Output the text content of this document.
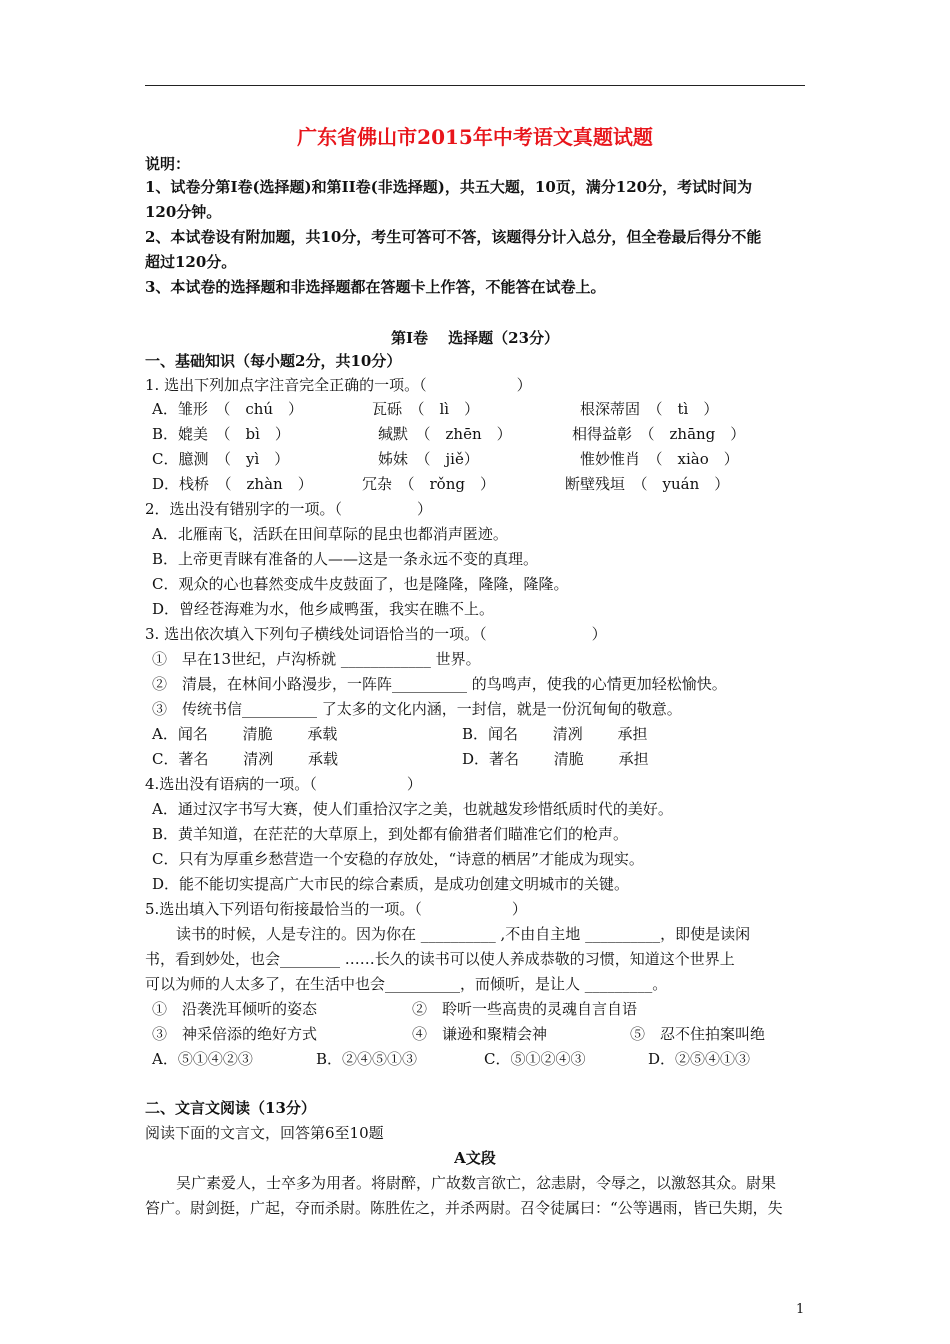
广东省佛山市2015年中考语文真题试题
说明：
1、试卷分第Ⅰ卷(选择题)和第II卷(非选择题)，共五大题，10页，满分120分，考试时间为
120分钟。
2、本试卷设有附加题，共10分，考生可答可不答，该题得分计入总分，但全卷最后得分不能
超过120分。
3、本试卷的选择题和非选择题都在答题卡上作答，不能答在试卷上。
第Ⅰ卷　 选择题（23分）
一、基础知识（每小题2分，共10分）
1. 选出下列加点字注音完全正确的一项。（　　　　　　）
A．雏形　（　chú　）	瓦砾　（　lì　）	根深蒂固　（　tì　）
B．媲美　（　bì　）	缄默　（　zhēn　）	相得益彰　（　zhāng　）
C．臆测　（　yì　）	姊妹　（　jiě）	惟妙惟肖　（　xiào　）
D．栈桥　（　zhàn　）	冗杂　（　rǒng　）	断壁残垣　（　yuán　）
2．选出没有错别字的一项。（　　　　　）
A．北雁南飞，活跃在田间草际的昆虫也都消声匿迹。
B．上帝更青睐有准备的人——这是一条永远不变的真理。
C．观众的心也暮然变成牛皮鼓面了，也是隆隆，隆隆，隆隆。
D．曾经苍海难为水，他乡咸鸭蛋，我实在瞧不上。
3. 选出依次填入下列句子横线处词语恰当的一项。（　　　　　　　）
①　早在13世纪，卢沟桥就 ____________ 世界。
②　清晨，在林间小路漫步，一阵阵__________ 的鸟鸣声，使我的心情更加轻松愉快。
③　传统书信__________ 了太多的文化内涵，一封信，就是一份沉甸甸的敬意。
A．闻名　　 清脆　　 承载	B．闻名　　 清冽　　 承担
C．著名　　 清冽　　 承载	D．著名　　 清脆　　 承担
4.选出没有语病的一项。（　　　　　　）
A．通过汉字书写大赛，使人们重拾汉字之美，也就越发珍惜纸质时代的美好。
B．黄羊知道，在茫茫的大草原上，到处都有偷猎者们瞄准它们的枪声。
C．只有为厚重乡愁营造一个安稳的存放处，“诗意的栖居”才能成为现实。
D．能不能切实提高广大市民的综合素质，是成功创建文明城市的关键。
5.选出填入下列语句衔接最恰当的一项。（　　　　　　）
读书的时候，人是专注的。因为你在 __________ ,不由自主地 __________，即使是读闲
书，看到妙处，也会________ ……长久的读书可以使人养成恭敬的习惯，知道这个世界上
可以为师的人太多了，在生活中也会__________，而倾听，是让人 _________。
①　沿袭洗耳倾听的姿态	②　聆听一些高贵的灵魂自言自语
③　神采倍添的绝好方式	④　谦逊和聚精会神	⑤　忍不住拍案叫绝
A．⑤①④②③	B．②④⑤①③	C．⑤①②④③	D．②⑤④①③
二、文言文阅读（13分）
阅读下面的文言文，回答第6至10题
A文段
吴广素爱人，士卒多为用者。将尉醉，广故数言欲亡，忿恚尉，令辱之，以激怒其众。尉果
笞广。尉剑挺，广起，夺而杀尉。陈胜佐之，并杀两尉。召令徒属曰：“公等遇雨，皆已失期，失
1
